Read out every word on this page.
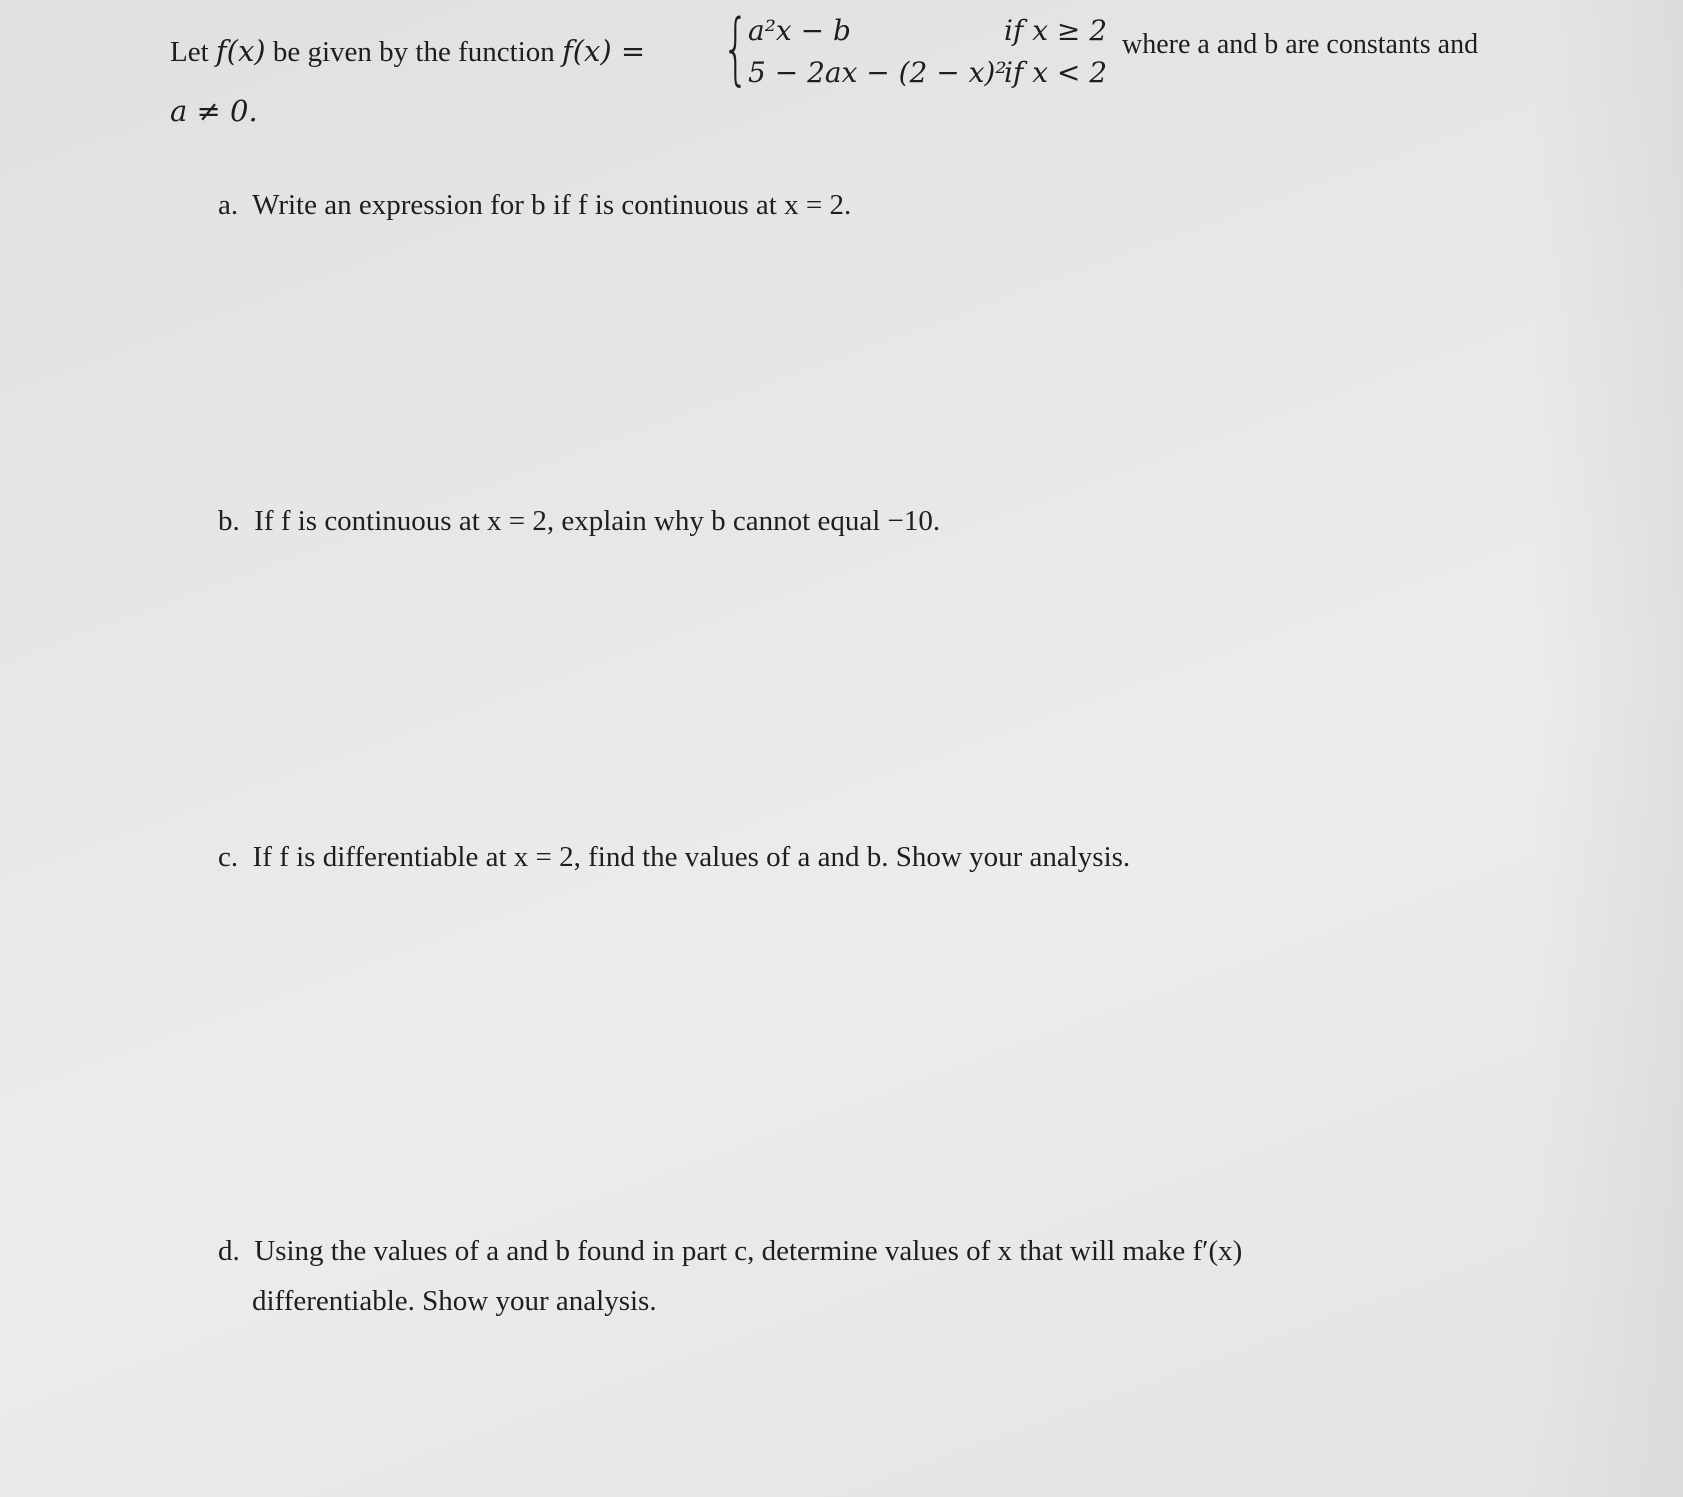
Let f(x) be given by the function f(x) = {
a²x − b	if x ≥ 2
5 − 2ax − (2 − x)²
if x < 2
where a and b are constants and
a ≠ 0.
a. Write an expression for b if f is continuous at x = 2.
b. If f is continuous at x = 2, explain why b cannot equal −10.
c. If f is differentiable at x = 2, find the values of a and b. Show your analysis.
d. Using the values of a and b found in part c, determine values of x that will make f′(x)
differentiable. Show your analysis.
